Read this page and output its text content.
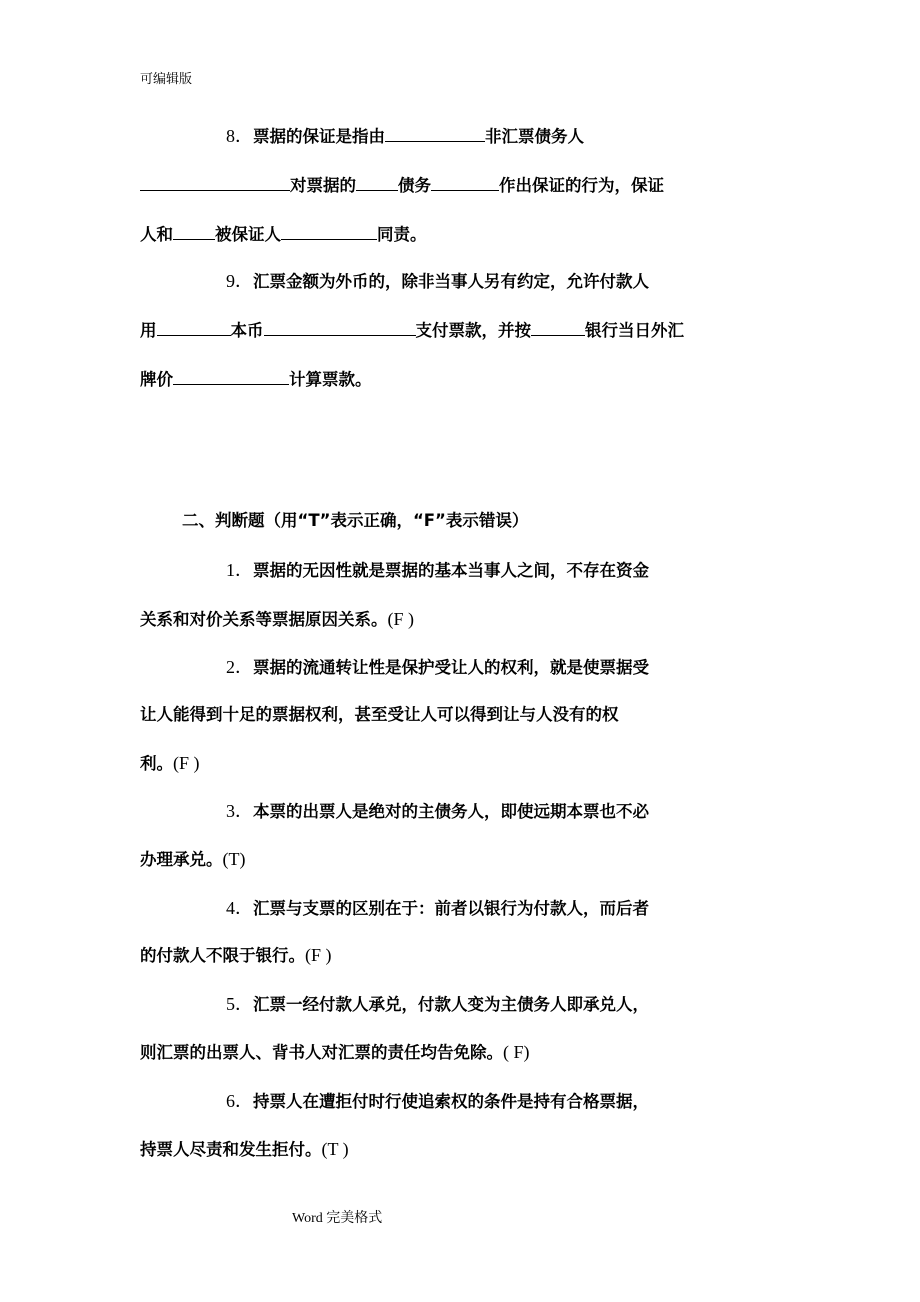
可编辑版
8．票据的保证是指由	非汇票债务人
对票据的	债务	作出保证的行为，保证
人和	被保证人	同责。
9．汇票金额为外币的，除非当事人另有约定，允许付款人
用	本币	支付票款，并按	银行当日外汇
牌价	计算票款。
二、判断题（用“T”表示正确，“F”表示错误）
1．票据的无因性就是票据的基本当事人之间，不存在资金
关系和对价关系等票据原因关系。(F )
2．票据的流通转让性是保护受让人的权利，就是使票据受
让人能得到十足的票据权利，甚至受让人可以得到让与人没有的权
利。(F )
3．本票的出票人是绝对的主债务人，即使远期本票也不必
办理承兑。(T)
4．汇票与支票的区别在于：前者以银行为付款人，而后者
的付款人不限于银行。(F )
5．汇票一经付款人承兑，付款人变为主债务人即承兑人，
则汇票的出票人、背书人对汇票的责任均告免除。( F)
6．持票人在遭拒付时行使追索权的条件是持有合格票据，
持票人尽责和发生拒付。(T )
Word 完美格式
